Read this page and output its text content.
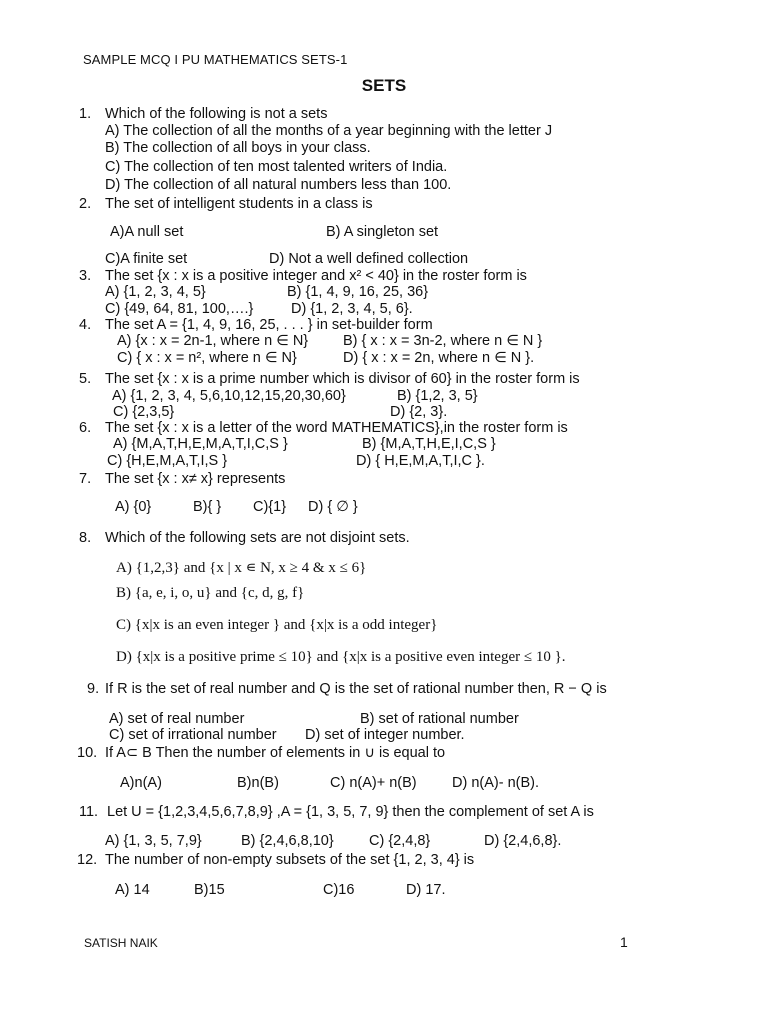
SAMPLE MCQ I PU MATHEMATICS SETS-1
SETS
1. Which of the following is not a sets
A) The collection of all the months of a year beginning with the letter J
B) The collection of all boys in your class.
C) The collection of ten most talented writers of India.
D) The collection of all natural numbers less than 100.
2. The set of intelligent students in a class is
A)A null set	B) A singleton set
C)A finite set	D) Not a well defined collection
3. The set {x : x is a positive integer and x² < 40} in the roster form is
A) {1, 2, 3, 4, 5}	B) {1, 4, 9, 16, 25, 36}
C) {49, 64, 81, 100,….}	D) {1, 2, 3, 4, 5, 6}.
4. The set A = {1, 4, 9, 16, 25, . . . } in set-builder form
A) {x : x = 2n-1, where n ∈ N} B) { x : x = 3n-2, where n ∈ N }
C) { x : x = n², where n ∈ N}	D) { x : x = 2n, where n ∈ N }.
5. The set {x : x is a prime number which is divisor of 60} in the roster form is
A) {1, 2, 3, 4, 5,6,10,12,15,20,30,60}	B) {1,2, 3, 5}
C) {2,3,5}	D) {2, 3}.
6. The set {x : x is a letter of the word MATHEMATICS},in the roster form is
A) {M,A,T,H,E,M,A,T,I,C,S }	B) {M,A,T,H,E,I,C,S }
C) {H,E,M,A,T,I,S }	D) { H,E,M,A,T,I,C }.
7. The set {x : x≠ x} represents
A) {0}	B){ } C){1} D) { ∅ }
8. Which of the following sets are not disjoint sets.
A) {1,2,3} and {x | x ∊ N, x ≥ 4 & x ≤ 6}
B) {a, e, i, o, u} and {c, d, g, f}
C) {x|x is an even integer } and {x|x is a odd integer}
D) {x|x is a positive prime ≤ 10} and {x|x is a positive even integer ≤ 10 }.
9. If R is the set of real number and Q is the set of rational number then, R − Q is
A) set of real number	B) set of rational number
C) set of irrational number D) set of integer number.
10. If A⊂ B Then the number of elements in ∪ is equal to
A)n(A)	B)n(B)	C) n(A)+ n(B) D) n(A)- n(B).
11. Let U = {1,2,3,4,5,6,7,8,9} ,A = {1, 3, 5, 7, 9} then the complement of set A is
A) {1, 3, 5, 7,9}	B) {2,4,6,8,10} C) {2,4,8}	D) {2,4,6,8}.
12. The number of non-empty subsets of the set {1, 2, 3, 4} is
A) 14	B)15	C)16	D) 17.
SATISH NAIK	1
